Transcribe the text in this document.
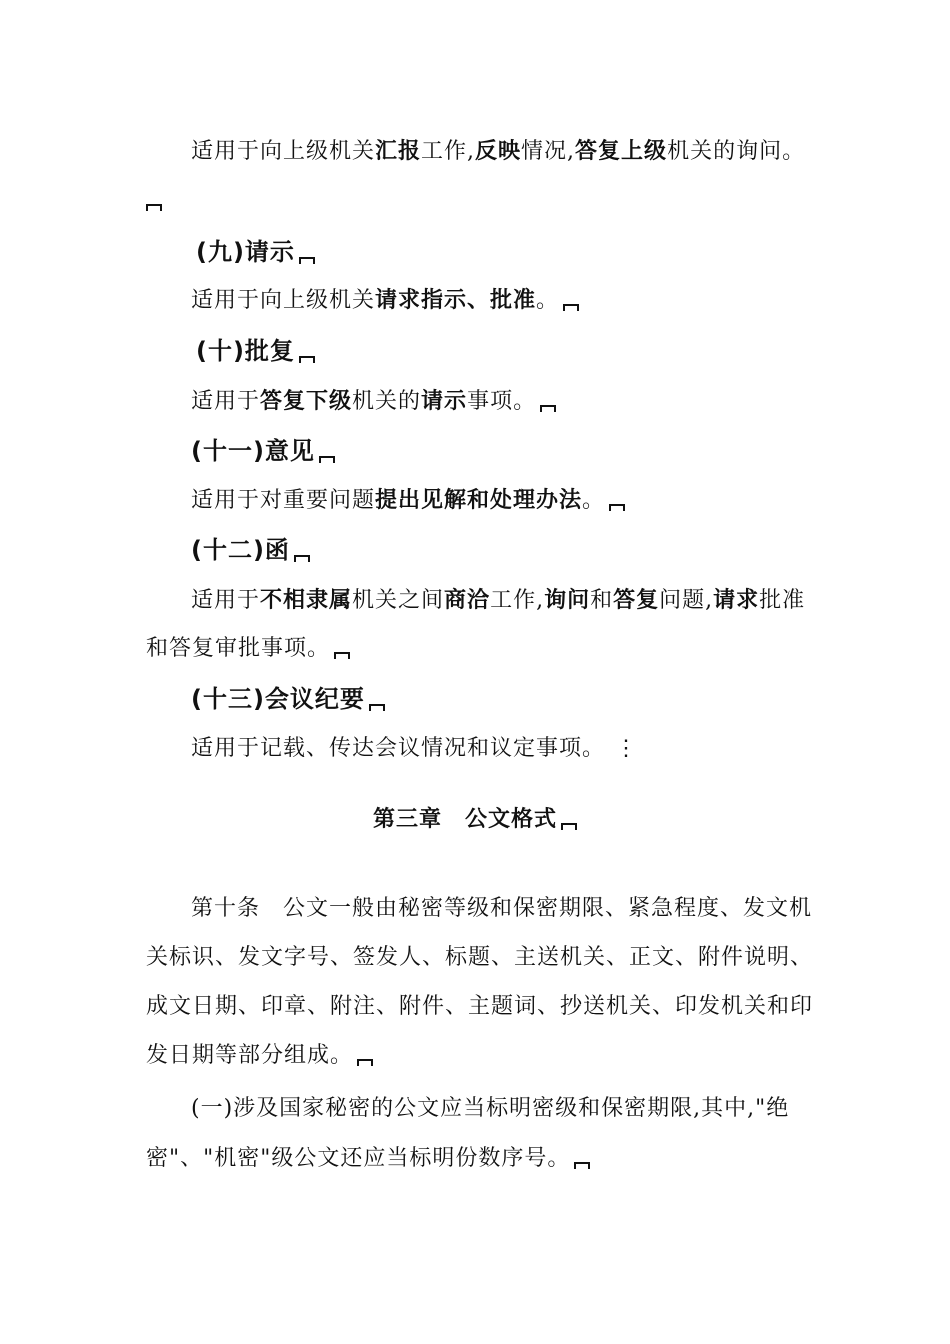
适用于向上级机关汇报工作,反映情况,答复上级机关的询问。
(九)请示
适用于向上级机关请求指示、批准。
(十)批复
适用于答复下级机关的请示事项。
(十一)意见
适用于对重要问题提出见解和处理办法。
(十二)函
适用于不相隶属机关之间商洽工作,询问和答复问题,请求批准
和答复审批事项。
(十三)会议纪要
适用于记载、传达会议情况和议定事项。 ⋮
第三章　公文格式
第十条　公文一般由秘密等级和保密期限、紧急程度、发文机
关标识、发文字号、签发人、标题、主送机关、正文、附件说明、
成文日期、印章、附注、附件、主题词、抄送机关、印发机关和印
发日期等部分组成。
(一)涉及国家秘密的公文应当标明密级和保密期限,其中,"绝
密"、"机密"级公文还应当标明份数序号。
